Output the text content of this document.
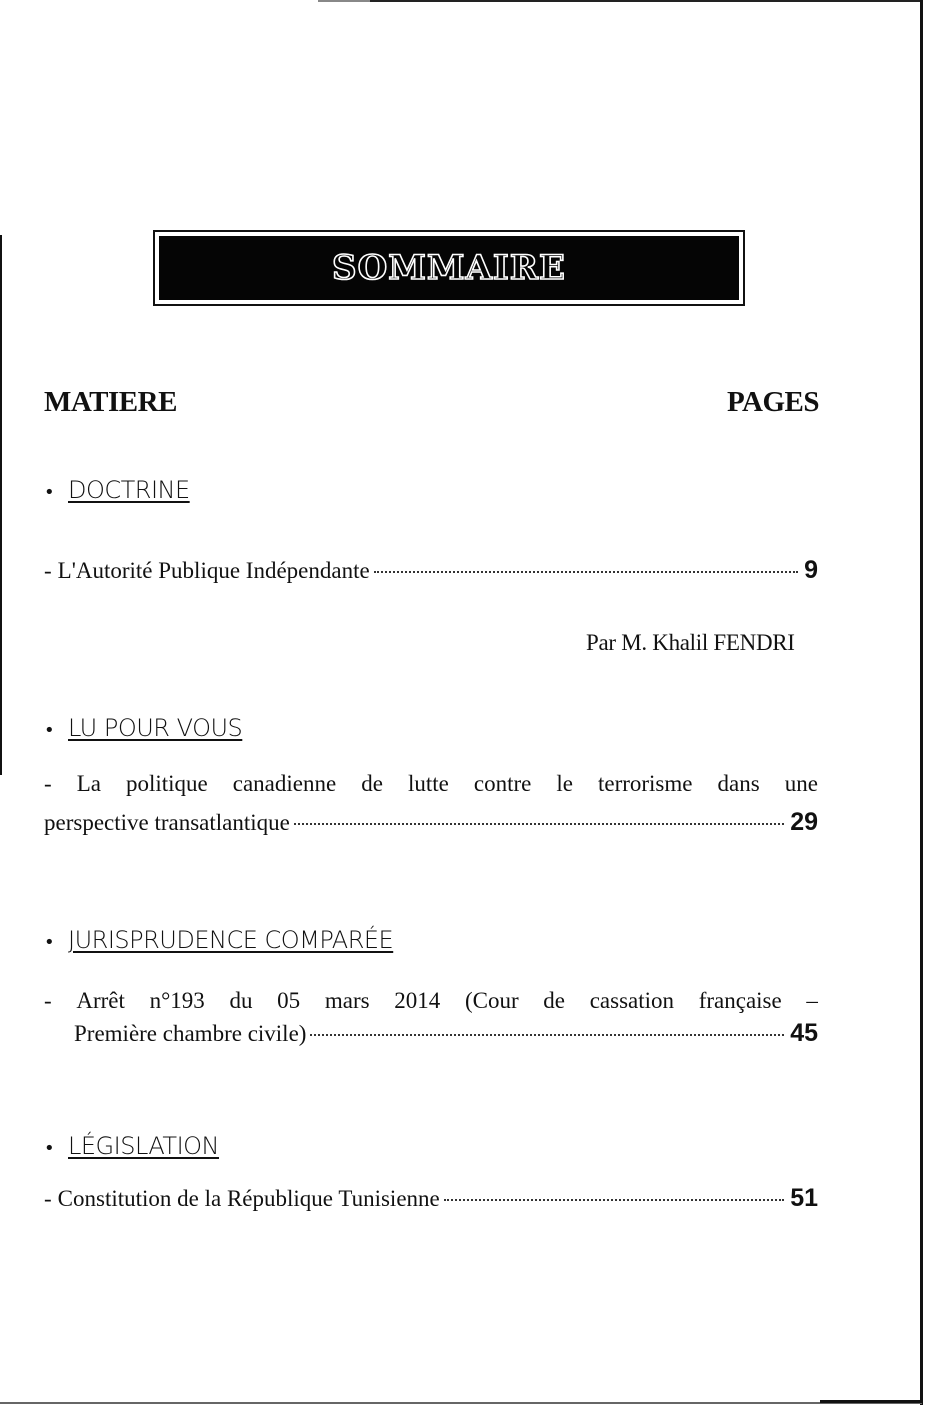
SOMMAIRE
MATIERE	PAGES
• DOCTRINE
- L'Autorité Publique Indépendante	9
Par M. Khalil FENDRI
• LU POUR VOUS
- La politique canadienne de lutte contre le terrorisme dans une
perspective transatlantique	29
• JURISPRUDENCE COMPARÉE
- Arrêt n°193 du 05 mars 2014 (Cour de cassation française –
Première chambre civile)	45
• LÉGISLATION
- Constitution de la République Tunisienne	51
